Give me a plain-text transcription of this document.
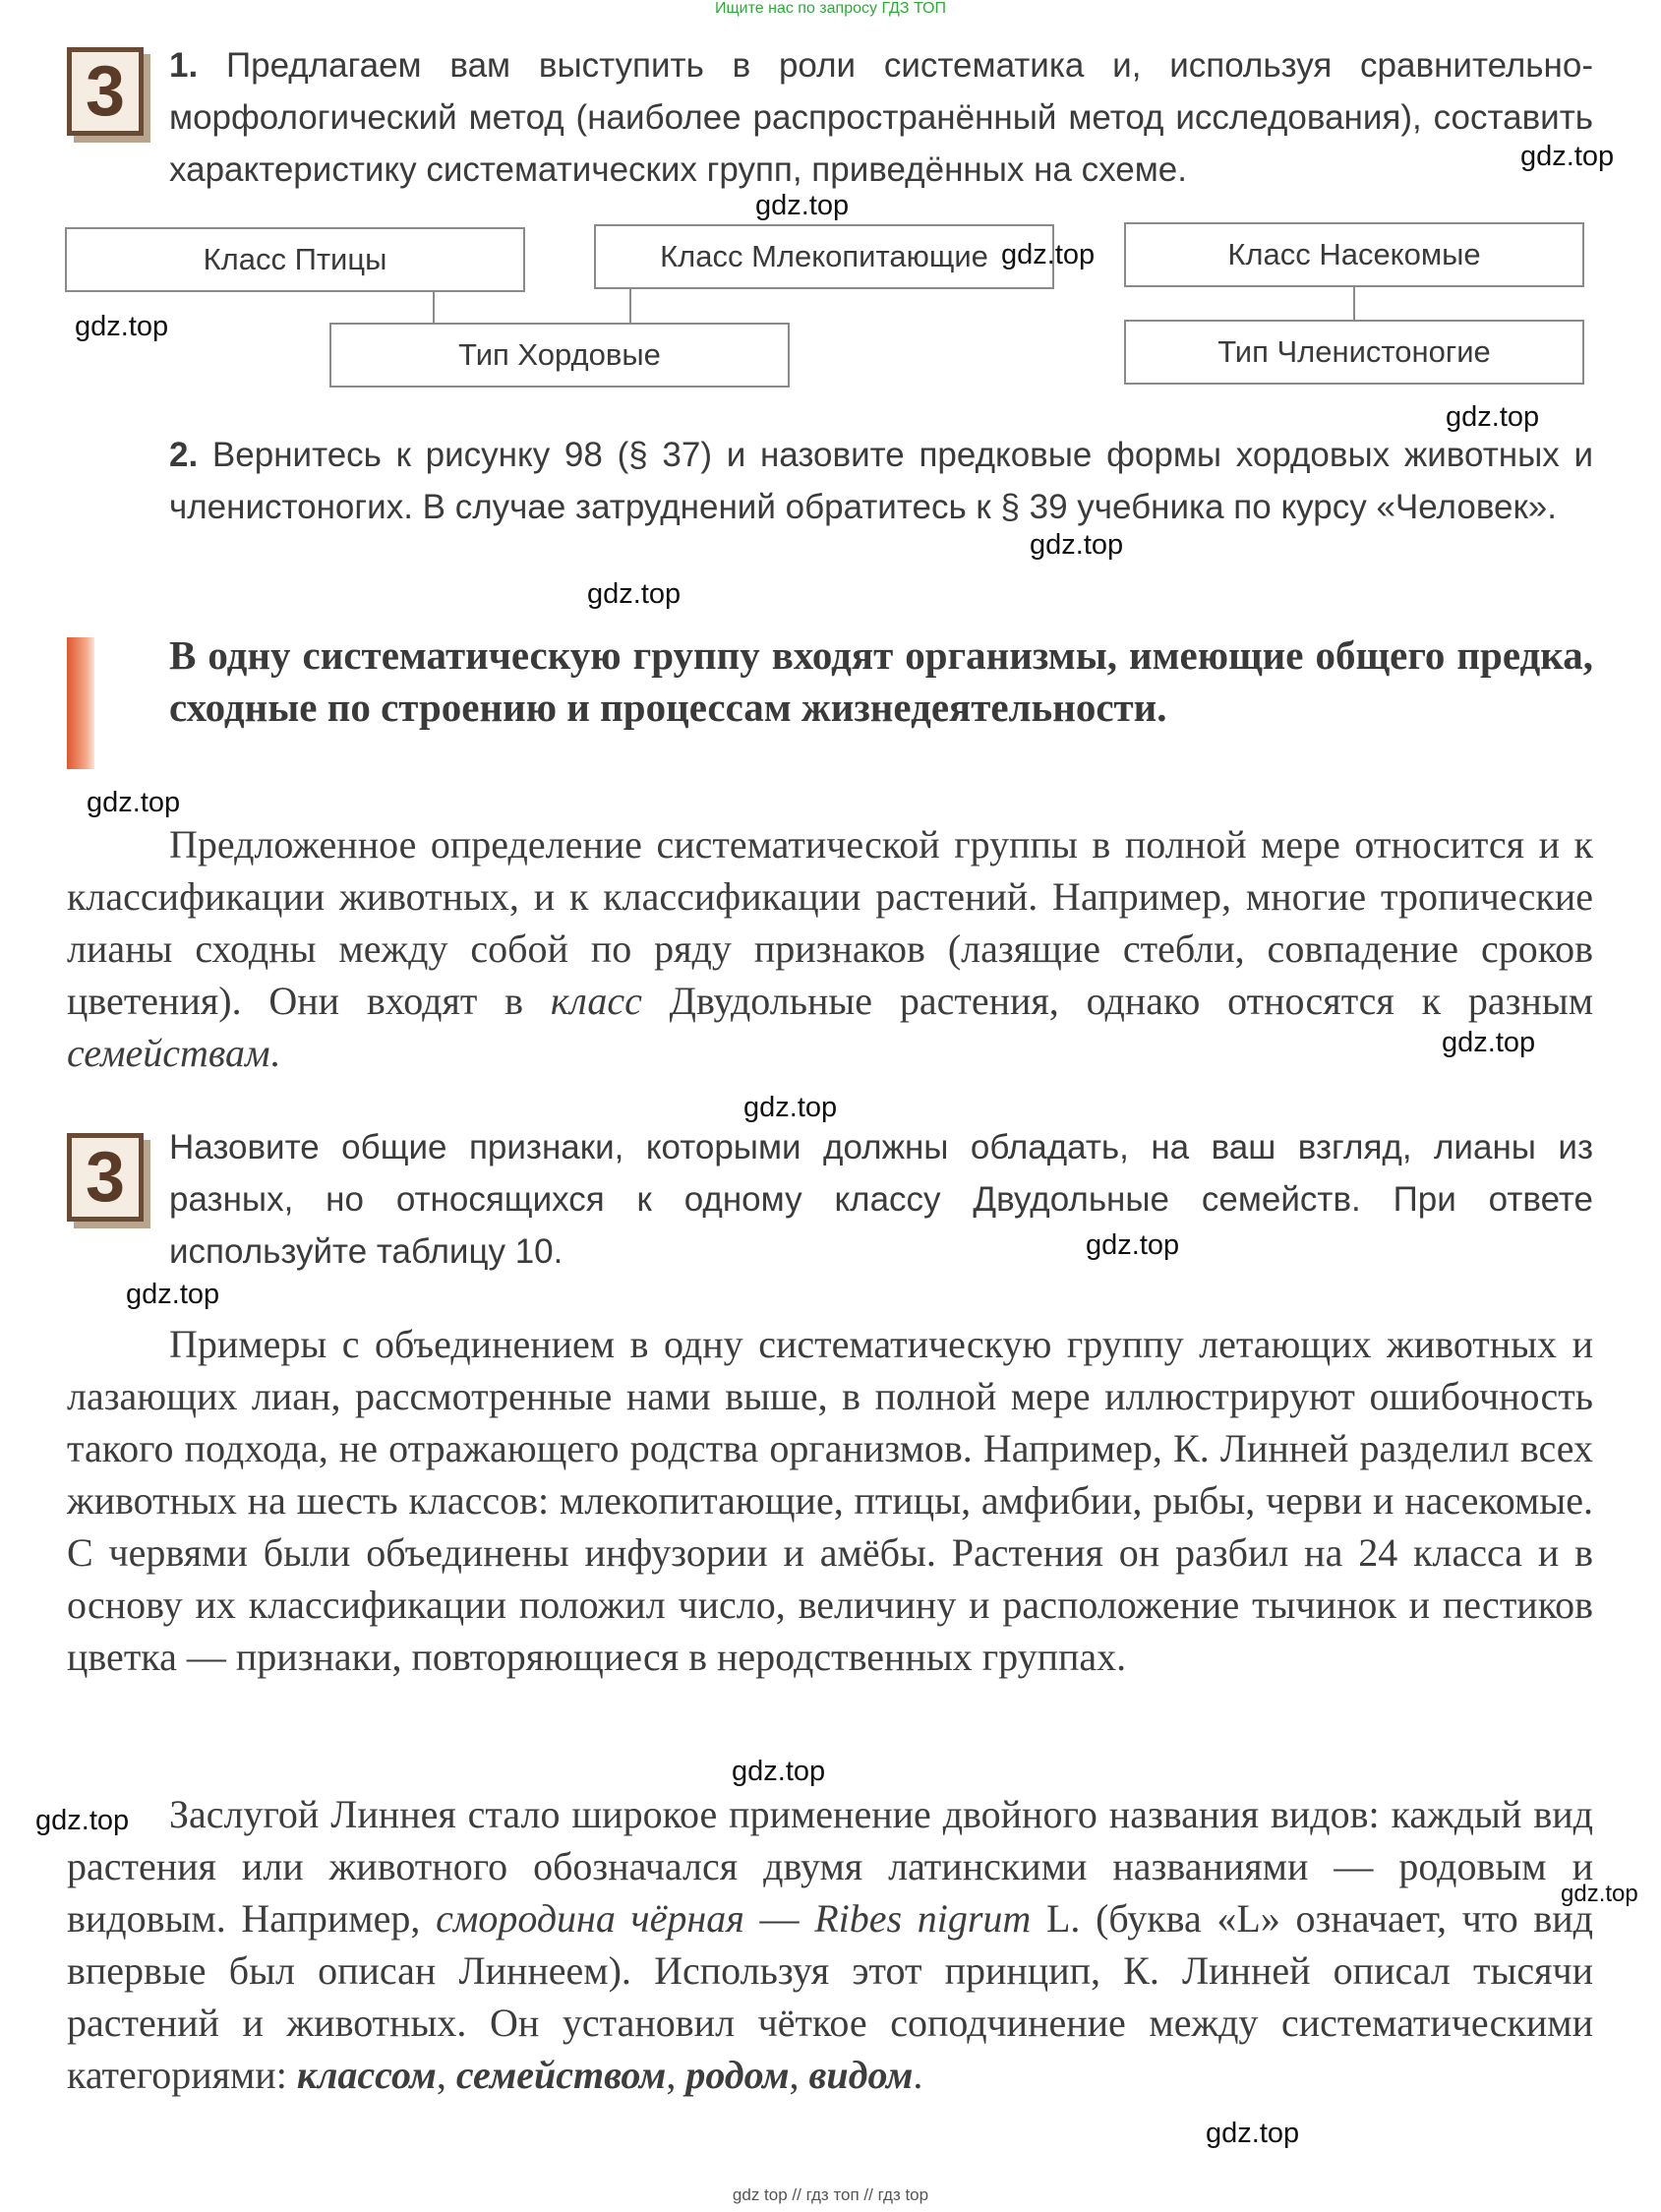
Ищите нас по запросу ГДЗ ТОП
3	1. Предлагаем вам выступить в роли систематика и, используя сравнительно-морфологический метод (наиболее распространённый метод исследования), составить характеристику систематических групп, приведённых на схеме.
Класс Птицы	Класс Млекопитающие	Класс Насекомые
Тип Хордовые	Тип Членистоногие
2. Вернитесь к рисунку 98 (§ 37) и назовите предковые формы хордовых животных и членистоногих. В случае затруднений обратитесь к § 39 учебника по курсу «Человек».
В одну систематическую группу входят организмы, имеющие общего предка, сходные по строению и процессам жизнедеятельности.
Предложенное определение систематической группы в полной мере относится и к классификации животных, и к классификации растений. Например, многие тропические лианы сходны между собой по ряду признаков (лазящие стебли, совпадение сроков цветения). Они входят в класс Двудольные растения, однако относятся к разным семействам.
3	Назовите общие признаки, которыми должны обладать, на ваш взгляд, лианы из разных, но относящихся к одному классу Двудольные семейств. При ответе используйте таблицу 10.
Примеры с объединением в одну систематическую группу летающих животных и лазающих лиан, рассмотренные нами выше, в полной мере иллюстрируют ошибочность такого подхода, не отражающего родства организмов. Например, К. Линней разделил всех животных на шесть классов: млекопитающие, птицы, амфибии, рыбы, черви и насекомые. С червями были объединены инфузории и амёбы. Растения он разбил на 24 класса и в основу их классификации положил число, величину и расположение тычинок и пестиков цветка — признаки, повторяющиеся в неродственных группах.
Заслугой Линнея стало широкое применение двойного названия видов: каждый вид растения или животного обозначался двумя латинскими названиями — родовым и видовым. Например, смородина чёрная — Ribes nigrum L. (буква «L» означает, что вид впервые был описан Линнеем). Используя этот принцип, К. Линней описал тысячи растений и животных. Он установил чёткое соподчинение между систематическими категориями: классом, семейством, родом, видом.
gdz.top
gdz.top
gdz.top
gdz.top
gdz.top
gdz.top
gdz.top
gdz.top
gdz.top
gdz.top
gdz.top
gdz.top
gdz.top
gdz.top
gdz.top
gdz.top
gdz top // гдз топ // гдз top
